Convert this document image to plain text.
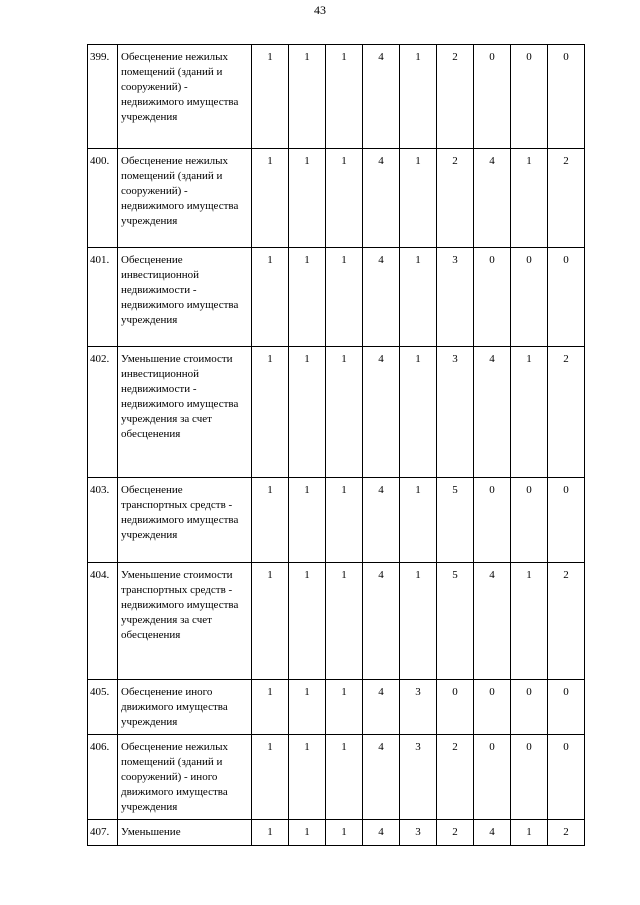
43
399.	Обесценение нежилых помещений (зданий и сооружений) - недвижимого имущества учреждения	1	1	1	4	1	2	0	0	0
400.	Обесценение нежилых помещений (зданий и сооружений) - недвижимого имущества учреждения	1	1	1	4	1	2	4	1	2
401.	Обесценение инвестиционной недвижимости - недвижимого имущества учреждения	1	1	1	4	1	3	0	0	0
402.	Уменьшение стоимости инвестиционной недвижимости - недвижимого имущества учреждения за счет обесценения	1	1	1	4	1	3	4	1	2
403.	Обесценение транспортных средств - недвижимого имущества учреждения	1	1	1	4	1	5	0	0	0
404.	Уменьшение стоимости транспортных средств - недвижимого имущества учреждения за счет обесценения	1	1	1	4	1	5	4	1	2
405.	Обесценение иного движимого имущества учреждения	1	1	1	4	3	0	0	0	0
406.	Обесценение нежилых помещений (зданий и сооружений) - иного движимого имущества учреждения	1	1	1	4	3	2	0	0	0
407.	Уменьшение	1	1	1	4	3	2	4	1	2
